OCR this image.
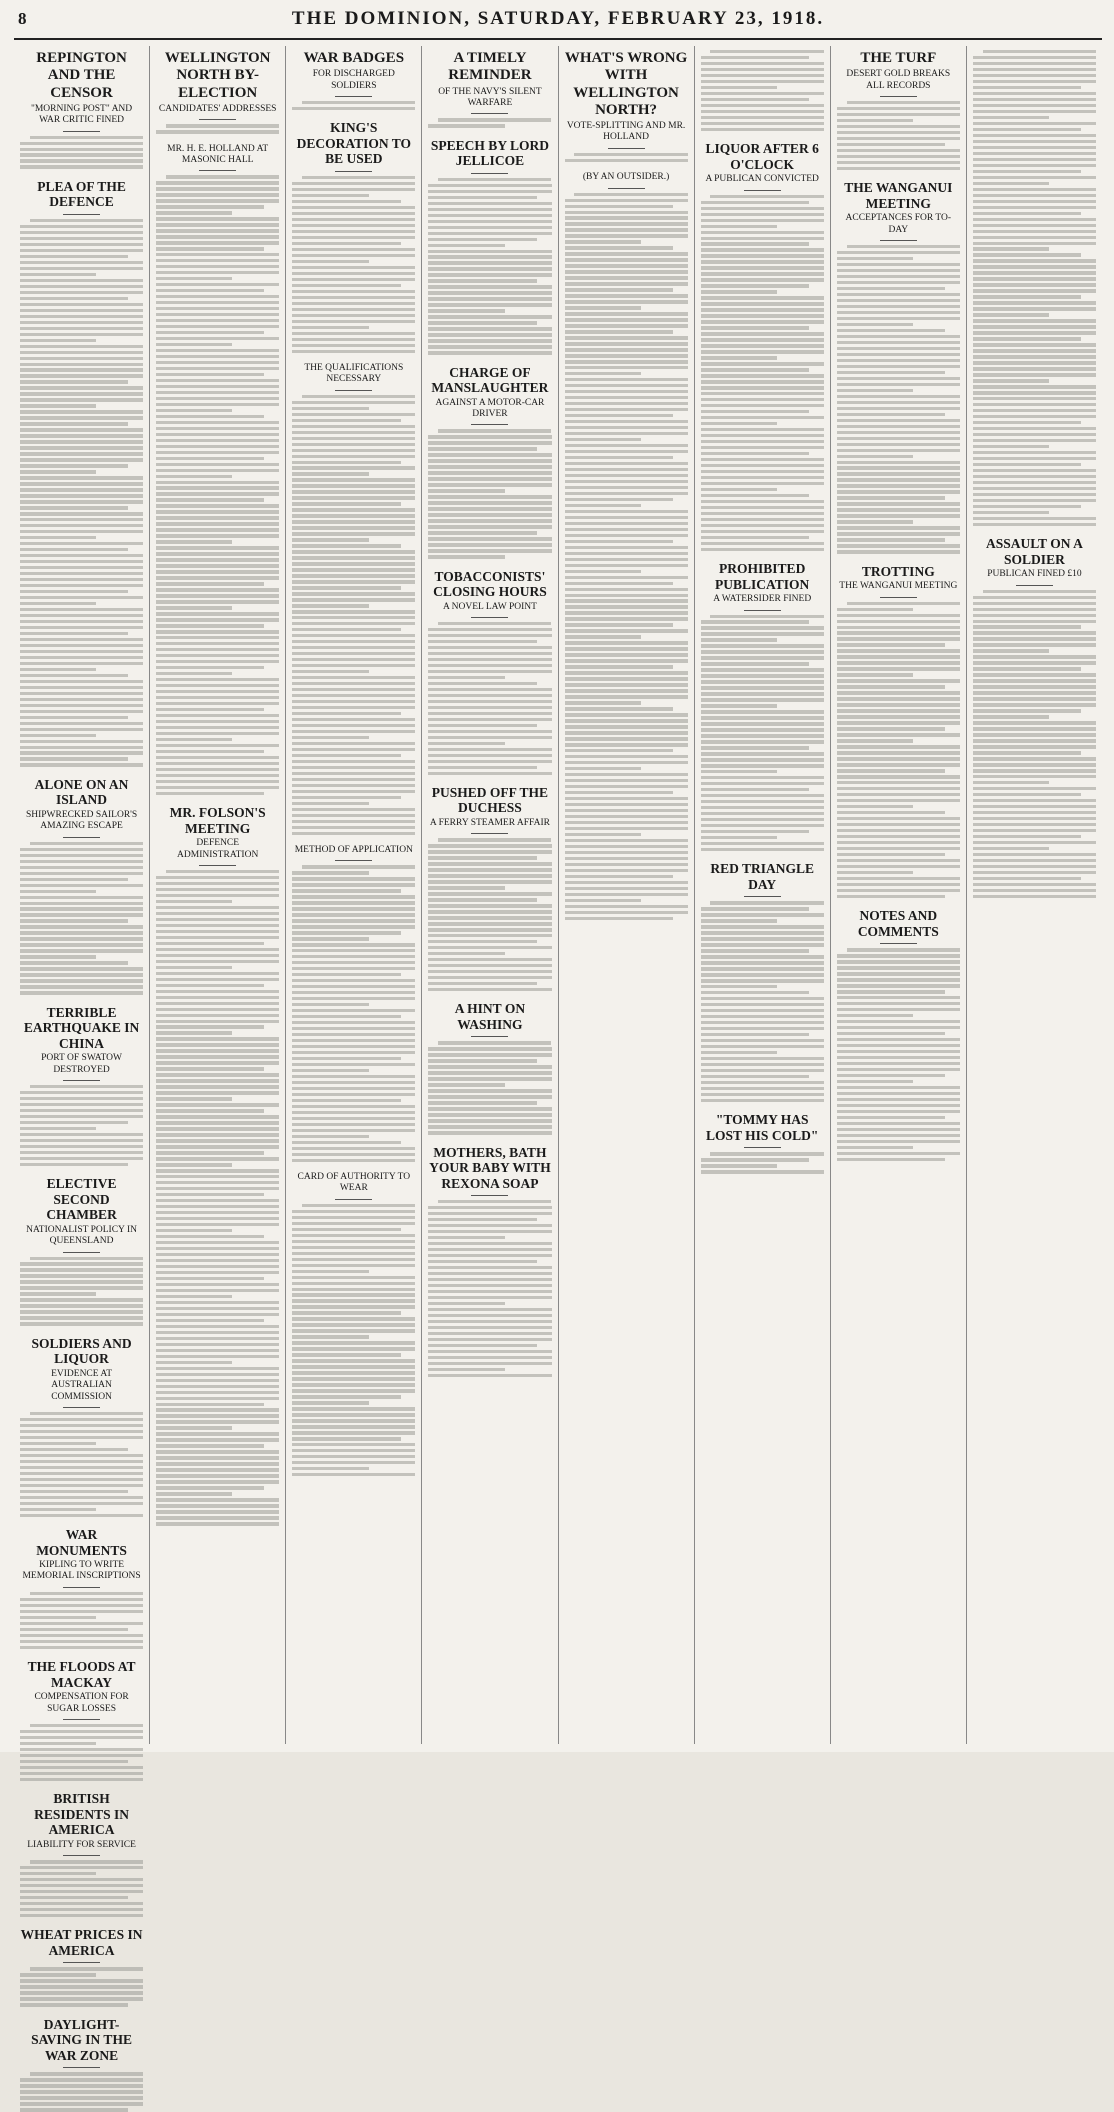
8	THE DOMINION, SATURDAY, FEBRUARY 23, 1918.
REPINGTON AND THE CENSOR
"MORNING POST" AND WAR CRITIC FINED
PLEA OF THE DEFENCE
ALONE ON AN ISLAND
SHIPWRECKED SAILOR'S AMAZING ESCAPE
TERRIBLE EARTHQUAKE IN CHINA
PORT OF SWATOW DESTROYED
ELECTIVE SECOND CHAMBER
NATIONALIST POLICY IN QUEENSLAND
SOLDIERS AND LIQUOR
EVIDENCE AT AUSTRALIAN COMMISSION
WAR MONUMENTS
KIPLING TO WRITE MEMORIAL INSCRIPTIONS
THE FLOODS AT MACKAY
COMPENSATION FOR SUGAR LOSSES
BRITISH RESIDENTS IN AMERICA
LIABILITY FOR SERVICE
WHEAT PRICES IN AMERICA
DAYLIGHT-SAVING IN THE WAR ZONE
WELLINGTON NORTH BY-ELECTION
CANDIDATES' ADDRESSES
MR. H. E. HOLLAND AT MASONIC HALL
MR. FOLSON'S MEETING
DEFENCE ADMINISTRATION
WAR BADGES
FOR DISCHARGED SOLDIERS
KING'S DECORATION TO BE USED
THE QUALIFICATIONS NECESSARY
METHOD OF APPLICATION
CARD OF AUTHORITY TO WEAR
A TIMELY REMINDER
OF THE NAVY'S SILENT WARFARE
SPEECH BY LORD JELLICOE
CHARGE OF MANSLAUGHTER
AGAINST A MOTOR-CAR DRIVER
TOBACCONISTS' CLOSING HOURS
A NOVEL LAW POINT
PUSHED OFF THE DUCHESS
A FERRY STEAMER AFFAIR
A HINT ON WASHING
MOTHERS, BATH YOUR BABY WITH REXONA SOAP
WHAT'S WRONG WITH WELLINGTON NORTH?
VOTE-SPLITTING AND MR. HOLLAND
(BY AN OUTSIDER.)
LIQUOR AFTER 6 O'CLOCK
A PUBLICAN CONVICTED
PROHIBITED PUBLICATION
A WATERSIDER FINED
RED TRIANGLE DAY
"TOMMY HAS LOST HIS COLD"
THE TURF
DESERT GOLD BREAKS ALL RECORDS
THE WANGANUI MEETING
ACCEPTANCES FOR TO-DAY
TROTTING
THE WANGANUI MEETING
NOTES AND COMMENTS
ASSAULT ON A SOLDIER
PUBLICAN FINED £10
